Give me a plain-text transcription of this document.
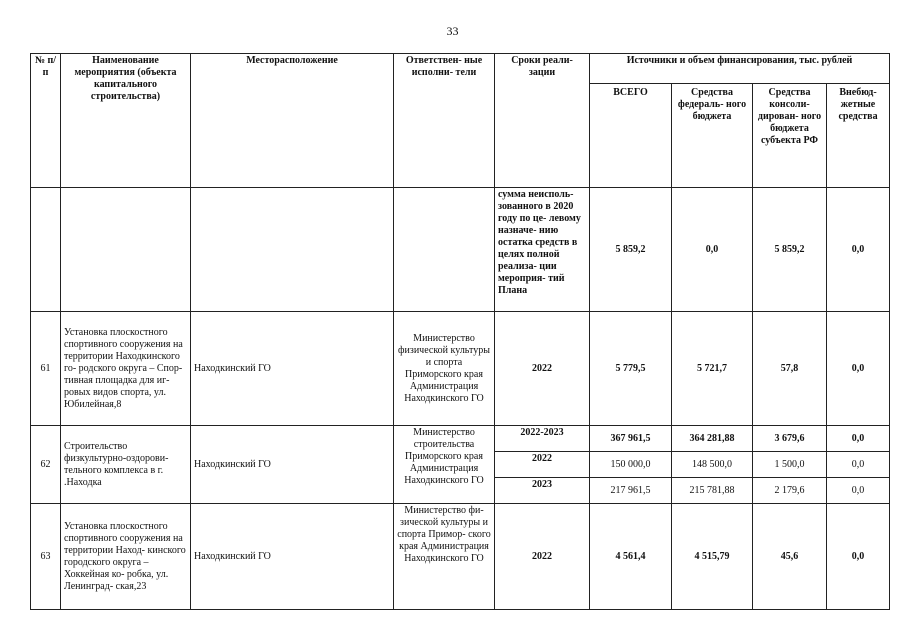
33
№ п/ п	Наименование мероприятия (объекта капитального строительства)	Месторасположение	Ответствен- ные исполни- тели	Сроки реали- зации	Источники и объем финансирования, тыс. рублей			
					ВСЕГО	Средства федераль- ного бюджета	Средства консоли- дирован- ного бюджета субъекта РФ	Внебюд- жетные средства
				сумма неисполь- зованного в 2020 году по це- левому назначе- нию остатка средств в целях полной реализа- ции мероприя- тий Плана	5 859,2	0,0	5 859,2	0,0
61	Установка плоскостного спортивного сооружения на территории Находкинского го- родского округа – Спор- тивная площадка для иг- ровых видов спорта, ул. Юбилейная,8	Находкинский ГО	Министерство физической культуры и спорта Приморского края Администрация Находкинского ГО	2022	5 779,5	5 721,7	57,8	0,0
62	Строительство физкультурно-оздорови- тельного комплекса в г. .Находка	Находкинский ГО	Министерство строительства Приморского края Администрация Находкинского ГО	2022-2023	367 961,5	364 281,88	3 679,6	0,0
				2022	150 000,0	148 500,0	1 500,0	0,0
				2023	217 961,5	215 781,88	2 179,6	0,0
63	Установка плоскостного спортивного сооружения на территории Наход- кинского городского округа – Хоккейная ко- робка, ул. Ленинград- ская,23	Находкинский ГО	Министерство фи- зической культуры и спорта Примор- ского края Администрация Находкинского ГО	2022	4 561,4	4 515,79	45,6	0,0
